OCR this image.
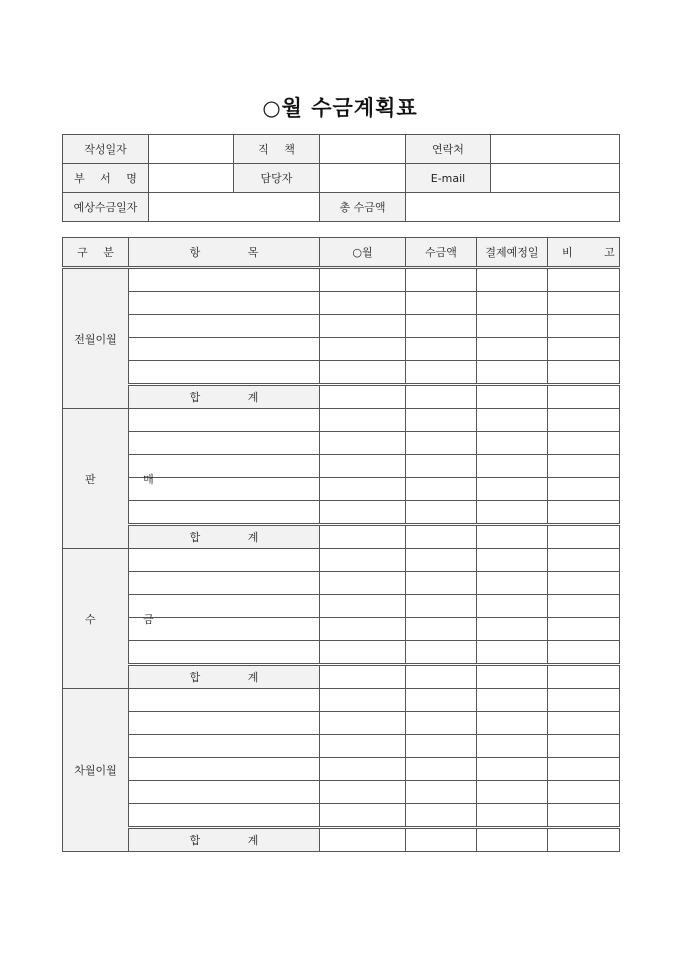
○월 수금계획표
작성일자		직 책		연락처	
부 서 명		담당자		E-mail	
예상수금일자			총 수금액		
구 분	항 목	○월	수금액	결제예정일	비 고
전월이월					

	합 계				
판 매					

	합 계				
수 금					

	합 계				
차월이월					

	합 계				
